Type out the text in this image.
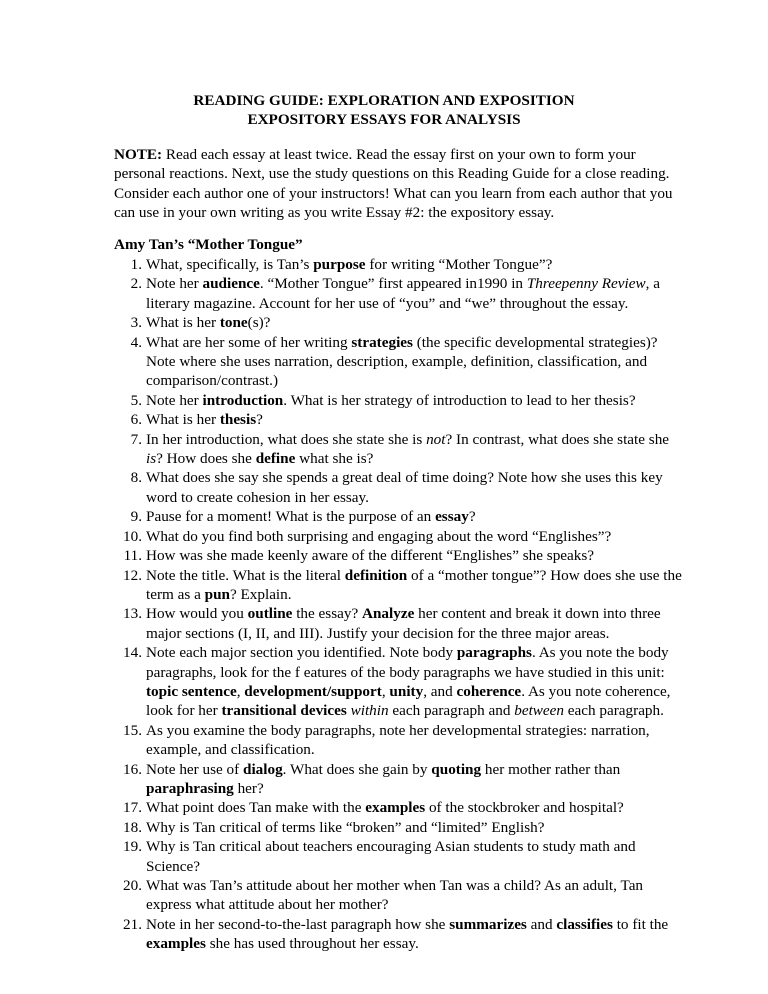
READING GUIDE: EXPLORATION AND EXPOSITION
EXPOSITORY ESSAYS FOR ANALYSIS
NOTE: Read each essay at least twice. Read the essay first on your own to form your personal reactions. Next, use the study questions on this Reading Guide for a close reading. Consider each author one of your instructors! What can you learn from each author that you can use in your own writing as you write Essay #2: the expository essay.
Amy Tan’s “Mother Tongue”
1. What, specifically, is Tan’s purpose for writing “Mother Tongue”?
2. Note her audience. “Mother Tongue” first appeared in1990 in Threepenny Review, a literary magazine. Account for her use of “you” and “we” throughout the essay.
3. What is her tone(s)?
4. What are her some of her writing strategies (the specific developmental strategies)? Note where she uses narration, description, example, definition, classification, and comparison/contrast.)
5. Note her introduction. What is her strategy of introduction to lead to her thesis?
6. What is her thesis?
7. In her introduction, what does she state she is not? In contrast, what does she state she is? How does she define what she is?
8. What does she say she spends a great deal of time doing? Note how she uses this key word to create cohesion in her essay.
9. Pause for a moment! What is the purpose of an essay?
10. What do you find both surprising and engaging about the word “Englishes”?
11. How was she made keenly aware of the different “Englishes” she speaks?
12. Note the title. What is the literal definition of a “mother tongue”? How does she use the term as a pun? Explain.
13. How would you outline the essay? Analyze her content and break it down into three major sections (I, II, and III). Justify your decision for the three major areas.
14. Note each major section you identified. Note body paragraphs. As you note the body paragraphs, look for the f eatures of the body paragraphs we have studied in this unit: topic sentence, development/support, unity, and coherence. As you note coherence, look for her transitional devices within each paragraph and between each paragraph.
15. As you examine the body paragraphs, note her developmental strategies: narration, example, and classification.
16. Note her use of dialog. What does she gain by quoting her mother rather than paraphrasing her?
17. What point does Tan make with the examples of the stockbroker and hospital?
18. Why is Tan critical of terms like “broken” and “limited” English?
19. Why is Tan critical about teachers encouraging Asian students to study math and Science?
20. What was Tan’s attitude about her mother when Tan was a child? As an adult, Tan express what attitude about her mother?
21. Note in her second-to-the-last paragraph how she summarizes and classifies to fit the examples she has used throughout her essay.
